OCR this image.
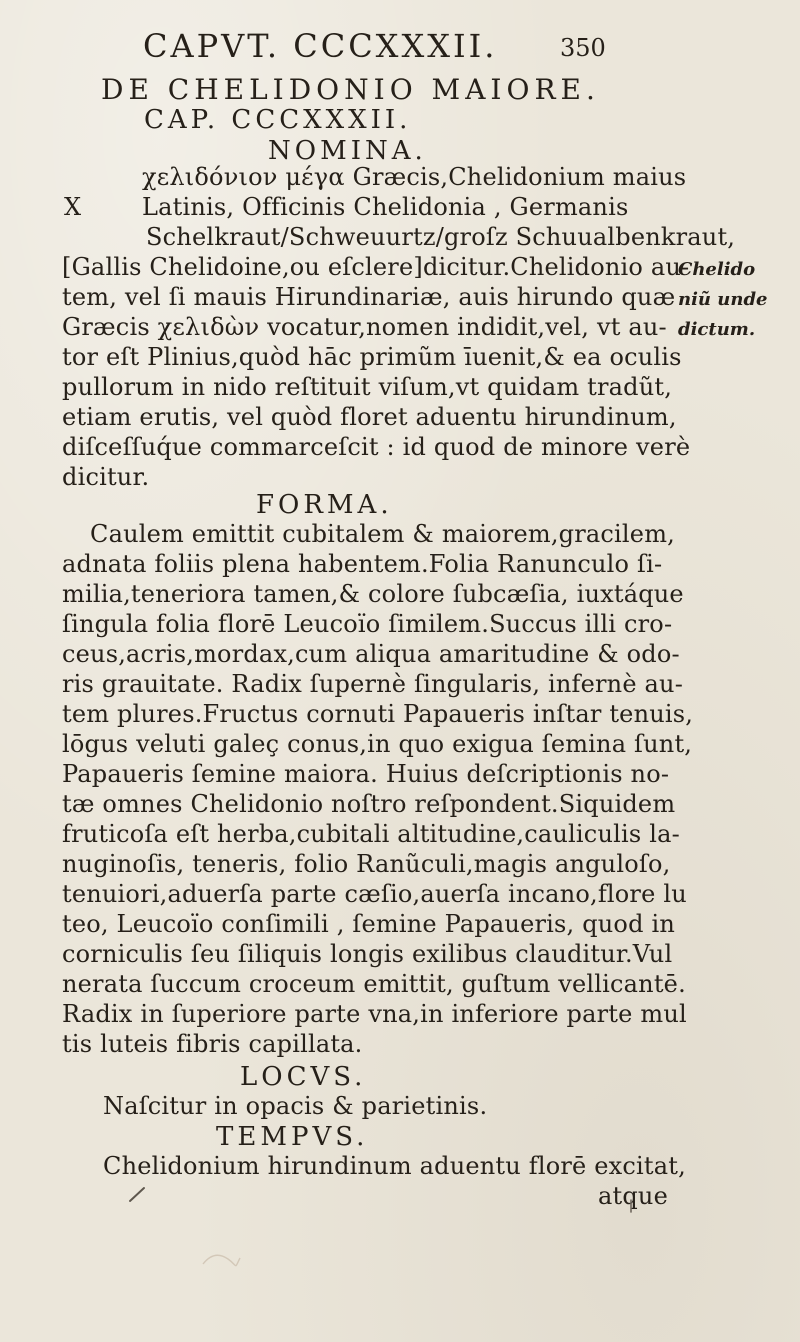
CAPVT. CCCXXXII.	350
DE CHELIDONIO MAIORE.
CAP. CCCXXXII.
NOMINA.
X
χελιδόνιον μέγα Græcis,Chelidonium maius
Latinis, Officinis Chelidonia , Germanis
Schelkraut/Schweuurtz/groſz Schuualbenkraut,
[Gallis Chelidoine,ou eſclere]dicitur.Chelidonio au-
tem, vel ſi mauis Hirundinariæ, auis hirundo quæ
Græcis χελιδὼν vocatur,nomen indidit,vel, vt au-
tor eſt Plinius,quòd hāc primũm īuenit,& ea oculis
pullorum in nido reſtituit viſum,vt quidam tradũt,
etiam erutis, vel quòd floret aduentu hirundinum,
diſceſſuq́ue commarceſcit : id quod de minore verè
dicitur.
Chelido
niũ unde
dictum.
FORMA.
Caulem emittit cubitalem & maiorem,gracilem,
adnata foliis plena habentem.Folia Ranunculo ſi-
milia,teneriora tamen,& colore ſubcæſia, iuxtáque
ſingula folia florē Leucoïo ſimilem.Succus illi cro-
ceus,acris,mordax,cum aliqua amaritudine & odo-
ris grauitate. Radix ſupernè ſingularis, infernè au-
tem plures.Fructus cornuti Papaueris inſtar tenuis,
lōgus veluti galeç conus,in quo exigua ſemina ſunt,
Papaueris ſemine maiora. Huius deſcriptionis no-
tæ omnes Chelidonio noſtro reſpondent.Siquidem
fruticoſa eſt herba,cubitali altitudine,cauliculis la-
nuginoſis, teneris, folio Ranũculi,magis anguloſo,
tenuiori,aduerſa parte cæſio,auerſa incano,flore lu
teo, Leucoïo conſimili , ſemine Papaueris, quod in
corniculis ſeu ſiliquis longis exilibus clauditur.Vul
nerata ſuccum croceum emittit, guſtum vellicantē.
Radix in ſuperiore parte vna,in inferiore parte mul
tis luteis fibris capillata.
LOCVS.
Naſcitur in opacis & parietinis.
TEMPVS.
Chelidonium hirundinum aduentu florē excitat,
atque
